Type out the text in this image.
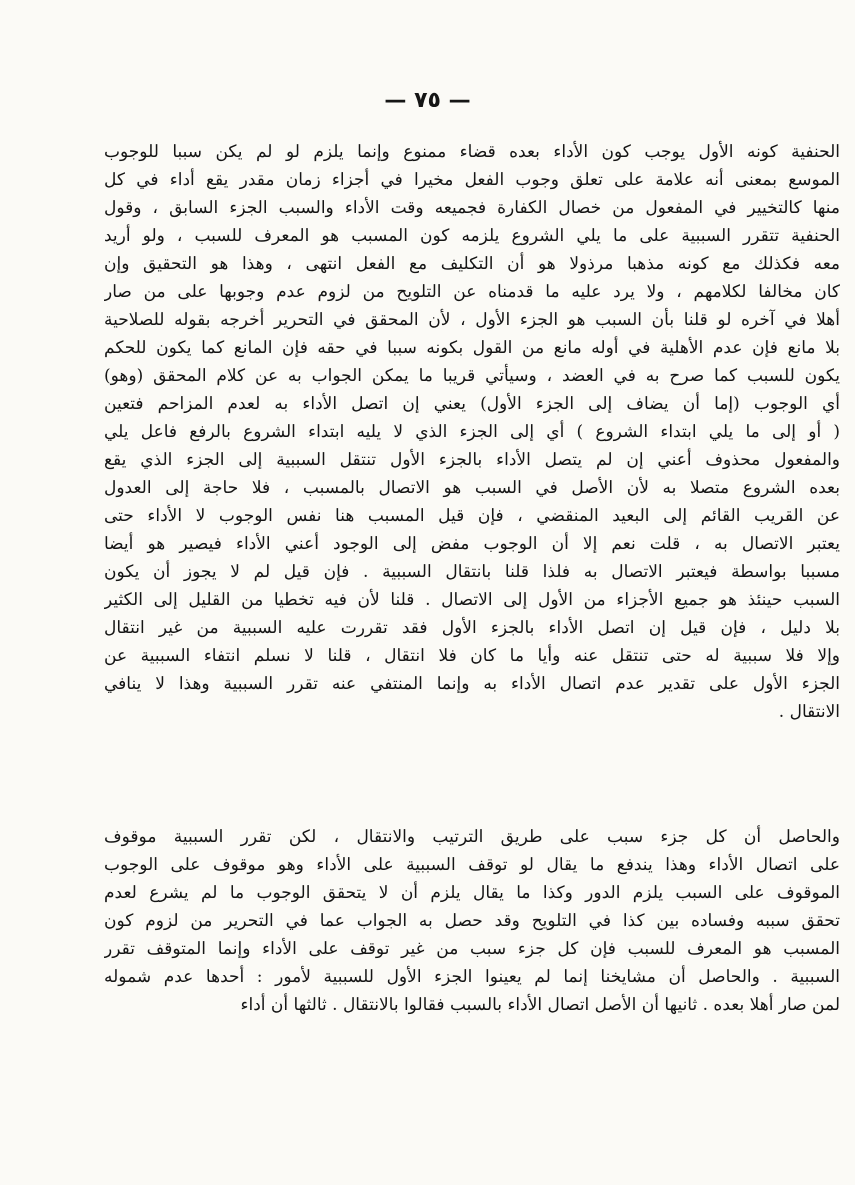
— ٧٥ —
الحنفية كونه الأول يوجب كون الأداء بعده قضاء ممنوع وإنما يلزم لو لم يكن سببا للوجوب
الموسع بمعنى أنه علامة على تعلق وجوب الفعل مخيرا في أجزاء زمان مقدر يقع أداء في كل
منها كالتخيير في المفعول من خصال الكفارة فجميعه وقت الأداء والسبب الجزء السابق ، وقول
الحنفية تتقرر السببية على ما يلي الشروع يلزمه كون المسبب هو المعرف للسبب ، ولو أريد
معه فكذلك مع كونه مذهبا مرذولا هو أن التكليف مع الفعل انتهى ، وهذا هو التحقيق وإن
كان مخالفا لكلامهم ، ولا يرد عليه ما قدمناه عن التلويح من لزوم عدم وجوبها على من صار
أهلا في آخره لو قلنا بأن السبب هو الجزء الأول ، لأن المحقق في التحرير أخرجه بقوله للصلاحية
بلا مانع فإن عدم الأهلية في أوله مانع من القول بكونه سببا في حقه فإن المانع كما يكون للحكم
يكون للسبب كما صرح به في العضد ، وسيأتي قريبا ما يمكن الجواب به عن كلام المحقق (وهو)
أي الوجوب (إما أن يضاف إلى الجزء الأول) يعني إن اتصل الأداء به لعدم المزاحم فتعين
( أو إلى ما يلي ابتداء الشروع ) أي إلى الجزء الذي لا يليه ابتداء الشروع بالرفع فاعل يلي
والمفعول محذوف أعني إن لم يتصل الأداء بالجزء الأول تنتقل السببية إلى الجزء الذي يقع
بعده الشروع متصلا به لأن الأصل في السبب هو الاتصال بالمسبب ، فلا حاجة إلى العدول
عن القريب القائم إلى البعيد المنقضي ، فإن قيل المسبب هنا نفس الوجوب لا الأداء حتى
يعتبر الاتصال به ، قلت نعم إلا أن الوجوب مفض إلى الوجود أعني الأداء فيصير هو أيضا
مسببا بواسطة فيعتبر الاتصال به فلذا قلنا بانتقال السببية . فإن قيل لم لا يجوز أن يكون
السبب حينئذ هو جميع الأجزاء من الأول إلى الاتصال . قلنا لأن فيه تخطيا من القليل إلى الكثير
بلا دليل ، فإن قيل إن اتصل الأداء بالجزء الأول فقد تقررت عليه السببية من غير انتقال
وإلا فلا سببية له حتى تنتقل عنه وأيا ما كان فلا انتقال ، قلنا لا نسلم انتفاء السببية عن
الجزء الأول على تقدير عدم اتصال الأداء به وإنما المنتفي عنه تقرر السببية وهذا لا ينافي
الانتقال .
والحاصل أن كل جزء سبب على طريق الترتيب والانتقال ، لكن تقرر السببية موقوف
على اتصال الأداء وهذا يندفع ما يقال لو توقف السببية على الأداء وهو موقوف على الوجوب
الموقوف على السبب يلزم الدور وكذا ما يقال يلزم أن لا يتحقق الوجوب ما لم يشرع لعدم
تحقق سببه وفساده بين كذا في التلويح وقد حصل به الجواب عما في التحرير من لزوم كون
المسبب هو المعرف للسبب فإن كل جزء سبب من غير توقف على الأداء وإنما المتوقف تقرر
السببية . والحاصل أن مشايخنا إنما لم يعينوا الجزء الأول للسببية لأمور : أحدها عدم شموله
لمن صار أهلا بعده . ثانيها أن الأصل اتصال الأداء بالسبب فقالوا بالانتقال . ثالثها أن أداء
